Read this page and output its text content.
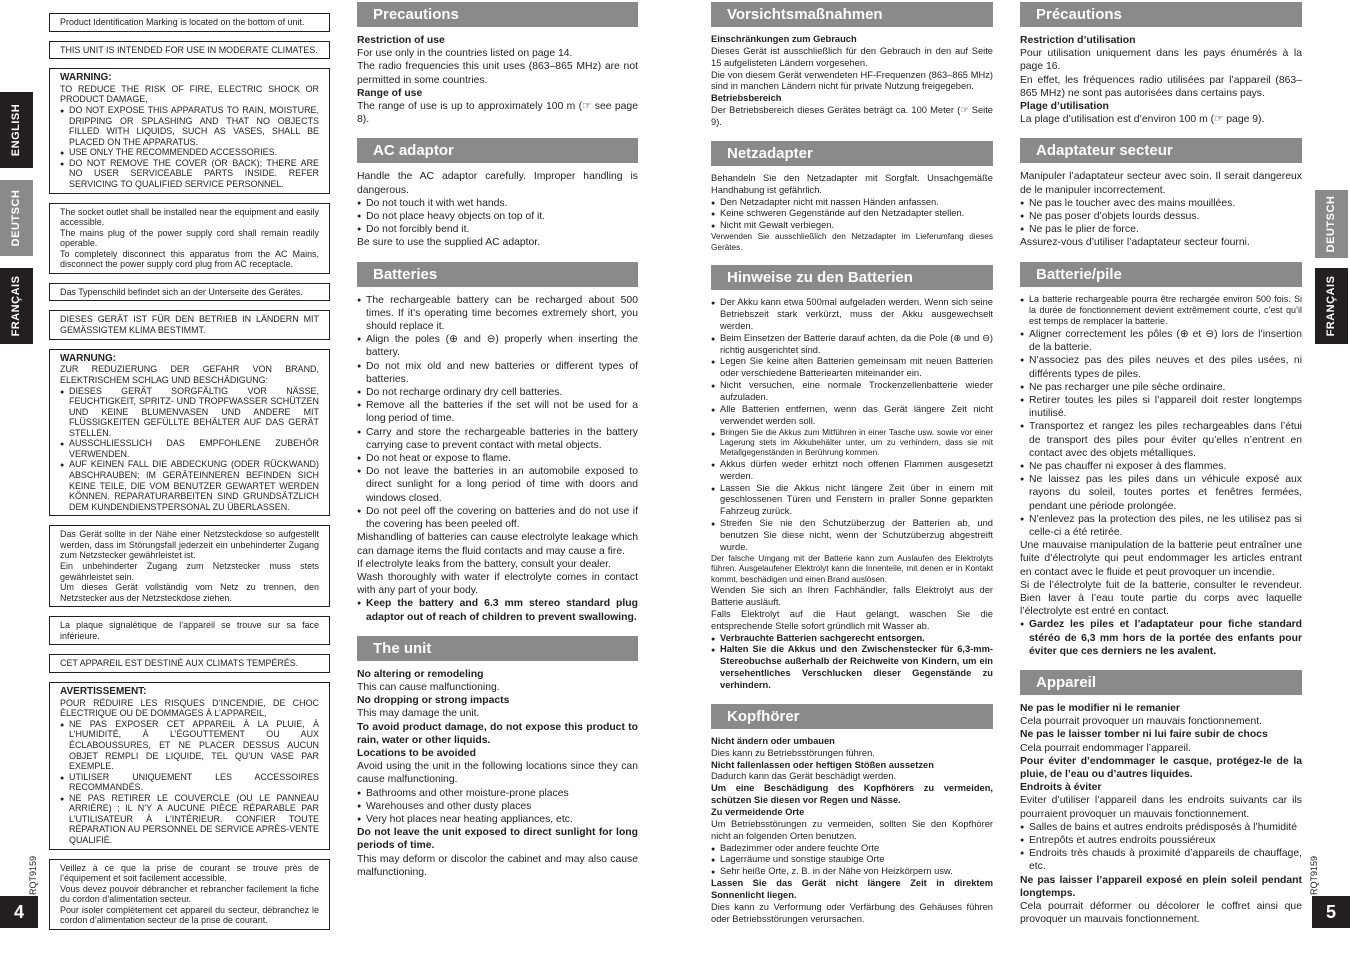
ENGLISH
DEUTSCH
FRANÇAIS
RQT9159
4
DEUTSCH
FRANÇAIS
RQT9159
5
Product Identification Marking is located on the bottom of unit.
THIS UNIT IS INTENDED FOR USE IN MODERATE CLIMATES.
WARNING:
TO REDUCE THE RISK OF FIRE, ELECTRIC SHOCK OR PRODUCT DAMAGE,
● DO NOT EXPOSE THIS APPARATUS TO RAIN, MOISTURE, DRIPPING OR SPLASHING AND THAT NO OBJECTS FILLED WITH LIQUIDS, SUCH AS VASES, SHALL BE PLACED ON THE APPARATUS.
● USE ONLY THE RECOMMENDED ACCESSORIES.
● DO NOT REMOVE THE COVER (OR BACK); THERE ARE NO USER SERVICEABLE PARTS INSIDE. REFER SERVICING TO QUALIFIED SERVICE PERSONNEL.
The socket outlet shall be installed near the equipment and easily accessible.
The mains plug of the power supply cord shall remain readily operable.
To completely disconnect this apparatus from the AC Mains, disconnect the power supply cord plug from AC receptacle.
Das Typenschild befindet sich an der Unterseite des Gerätes.
DIESES GERÄT IST FÜR DEN BETRIEB IN LÄNDERN MIT GEMÄSSIGTEM KLIMA BESTIMMT.
WARNUNG:
ZUR REDUZIERUNG DER GEFAHR VON BRAND, ELEKTRISCHEM SCHLAG UND BESCHÄDIGUNG:
● DIESES GERÄT SORGFÄLTIG VOR NÄSSE, FEUCHTIGKEIT, SPRITZ- UND TROPFWASSER SCHÜTZEN UND KEINE BLUMENVASEN UND ANDERE MIT FLÜSSIGKEITEN GEFÜLLTE BEHÄLTER AUF DAS GERÄT STELLEN.
● AUSSCHLIESSLICH DAS EMPFOHLENE ZUBEHÖR VERWENDEN.
● AUF KEINEN FALL DIE ABDECKUNG (ODER RÜCKWAND) ABSCHRAUBEN; IM GERÄTEINNEREN BEFINDEN SICH KEINE TEILE, DIE VOM BENUTZER GEWARTET WERDEN KÖNNEN. REPARATURARBEITEN SIND GRUNDSÄTZLICH DEM KUNDENDIENSTPERSONAL ZU ÜBERLASSEN.
Das Gerät sollte in der Nähe einer Netzsteckdose so aufgestellt werden, dass im Störungsfall jederzeit ein unbehinderter Zugang zum Netzstecker gewährleistet ist.
Ein unbehinderter Zugang zum Netzstecker muss stets gewährleistet sein.
Um dieses Gerät vollständig vom Netz zu trennen, den Netzstecker aus der Netzsteckdose ziehen.
La plaque signalétique de l’appareil se trouve sur sa face inférieure.
CET APPAREIL EST DESTINÉ AUX CLIMATS TEMPÉRÉS.
AVERTISSEMENT:
POUR RÉDUIRE LES RISQUES D’INCENDIE, DE CHOC ÉLECTRIQUE OU DE DOMMAGES À L’APPAREIL,
● NE PAS EXPOSER CET APPAREIL À LA PLUIE, À L’HUMIDITÉ, À L’ÉGOUTTEMENT OU AUX ÉCLABOUSSURES, ET NE PLACER DESSUS AUCUN OBJET REMPLI DE LIQUIDE, TEL QU’UN VASE PAR EXEMPLE.
● UTILISER UNIQUEMENT LES ACCESSOIRES RECOMMANDÉS.
● NE PAS RETIRER LE COUVERCLE (OU LE PANNEAU ARRIÈRE) ; IL N’Y A AUCUNE PIÈCE RÉPARABLE PAR L’UTILISATEUR À L’INTÉRIEUR. CONFIER TOUTE RÉPARATION AU PERSONNEL DE SERVICE APRÈS-VENTE QUALIFIÉ.
Veillez à ce que la prise de courant se trouve près de l’équipement et soit facilement accessible.
Vous devez pouvoir débrancher et rebrancher facilement la fiche du cordon d’alimentation secteur.
Pour isoler complètement cet appareil du secteur, débranchez le cordon d’alimentation secteur de la prise de courant.
Precautions

Restriction of use

For use only in the countries listed on page 14.

The radio frequencies this unit uses (863–865 MHz) are not permitted in some countries.

Range of use

The range of use is up to approximately 100 m (☞ see page 8).

AC adaptor

Handle the AC adaptor carefully. Improper handling is dangerous.

● Do not touch it with wet hands.
● Do not place heavy objects on top of it.
● Do not forcibly bend it.

Be sure to use the supplied AC adaptor.

Batteries
● The rechargeable battery can be recharged about 500 times. If it’s operating time becomes extremely short, you should replace it.
● Align the poles (⊕ and ⊖) properly when inserting the battery.
● Do not mix old and new batteries or different types of batteries.
● Do not recharge ordinary dry cell batteries.
● Remove all the batteries if the set will not be used for a long period of time.
● Carry and store the rechargeable batteries in the battery carrying case to prevent contact with metal objects.
● Do not heat or expose to flame.
● Do not leave the batteries in an automobile exposed to direct sunlight for a long period of time with doors and windows closed.
● Do not peel off the covering on batteries and do not use if the covering has been peeled off.

Mishandling of batteries can cause electrolyte leakage which can damage items the fluid contacts and may cause a fire.

If electrolyte leaks from the battery, consult your dealer.

Wash thoroughly with water if electrolyte comes in contact with any part of your body.

● Keep the battery and 6.3 mm stereo standard plug adaptor out of reach of children to prevent swallowing.
The unit

No altering or remodeling

This can cause malfunctioning.

No dropping or strong impacts

This may damage the unit.

To avoid product damage, do not expose this product to rain, water or other liquids.

Locations to be avoided

Avoid using the unit in the following locations since they can cause malfunctioning.

● Bathrooms and other moisture-prone places
● Warehouses and other dusty places
● Very hot places near heating appliances, etc.

Do not leave the unit exposed to direct sunlight for long periods of time.

This may deform or discolor the cabinet and may also cause malfunctioning.

Vorsichtsmaßnahmen

Einschränkungen zum Gebrauch

Dieses Gerät ist ausschließlich für den Gebrauch in den auf Seite 15 aufgelisteten Ländern vorgesehen.

Die von diesem Gerät verwendeten HF-Frequenzen (863–865 MHz) sind in manchen Ländern nicht für private Nutzung freigegeben.

Betriebsbereich

Der Betriebsbereich dieses Gerätes beträgt ca. 100 Meter (☞ Seite 9).

Netzadapter

Behandeln Sie den Netzadapter mit Sorgfalt. Unsachgemäße Handhabung ist gefährlich.

● Den Netzadapter nicht mit nassen Händen anfassen.
● Keine schweren Gegenstände auf den Netzadapter stellen.
● Nicht mit Gewalt verbiegen.

Verwenden Sie ausschließlich den Netzadapter im Lieferumfang dieses Gerätes.

Hinweise zu den Batterien
● Der Akku kann etwa 500mal aufgeladen werden. Wenn sich seine Betriebszeit stark verkürzt, muss der Akku ausgewechselt werden.
● Beim Einsetzen der Batterie darauf achten, da die Pole (⊕ und ⊖) richtig ausgerichtet sind.
● Legen Sie keine alten Batterien gemeinsam mit neuen Batterien oder verschiedene Batteriearten miteinander ein.
● Nicht versuchen, eine normale Trockenzellenbatterie wieder aufzuladen.
● Alle Batterien entfernen, wenn das Gerät längere Zeit nicht verwendet werden soll.
● Bringen Sie die Akkus zum Mitführen in einer Tasche usw. sowie vor einer Lagerung stets im Akkubehälter unter, um zu verhindern, dass sie mit Metallgegenständen in Berührung kommen.
● Akkus dürfen weder erhitzt noch offenen Flammen ausgesetzt werden.
● Lassen Sie die Akkus nicht längere Zeit über in einem mit geschlossenen Türen und Fenstern in praller Sonne geparkten Fahrzeug zurück.
● Streifen Sie nie den Schutzüberzug der Batterien ab, und benutzen Sie diese nicht, wenn der Schutzüberzug abgestreift wurde.

Der falsche Umgang mit der Batterie kann zum Auslaufen des Elektrolyts führen. Ausgelaufener Elektrolyt kann die Innenteile, mit denen er in Kontakt kommt, beschädigen und einen Brand auslösen.

Wenden Sie sich an Ihren Fachhändler, falls Elektrolyt aus der Batterie ausläuft.

Falls Elektrolyt auf die Haut gelangt, waschen Sie die entsprechende Stelle sofort gründlich mit Wasser ab.

● Verbrauchte Batterien sachgerecht entsorgen.
● Halten Sie die Akkus und den Zwischenstecker für 6,3-mm-Stereobuchse außerhalb der Reichweite von Kindern, um ein versehentliches Verschlucken dieser Gegenstände zu verhindern.
Kopfhörer

Nicht ändern oder umbauen

Dies kann zu Betriebsstörungen führen.

Nicht fallenlassen oder heftigen Stößen aussetzen

Dadurch kann das Gerät beschädigt werden.

Um eine Beschädigung des Kopfhörers zu vermeiden, schützen Sie diesen vor Regen und Nässe.

Zu vermeidende Orte

Um Betriebsstörungen zu vermeiden, sollten Sie den Kopfhörer nicht an folgenden Orten benutzen.

● Badezimmer oder andere feuchte Orte
● Lagerräume und sonstige staubige Orte
● Sehr heiße Orte, z. B. in der Nähe von Heizkörpern usw.

Lassen Sie das Gerät nicht längere Zeit in direktem Sonnenlicht liegen.

Dies kann zu Verformung oder Verfärbung des Gehäuses führen oder Betriebsstörungen verursachen.

Précautions

Restriction d’utilisation

Pour utilisation uniquement dans les pays énumérés à la page 16.

En effet, les fréquences radio utilisées par l’appareil (863–865 MHz) ne sont pas autorisées dans certains pays.

Plage d’utilisation

La plage d’utilisation est d’environ 100 m (☞ page 9).

Adaptateur secteur

Manipuler l’adaptateur secteur avec soin. Il serait dangereux de le manipuler incorrectement.

● Ne pas le toucher avec des mains mouillées.
● Ne pas poser d’objets lourds dessus.
● Ne pas le plier de force.

Assurez-vous d’utiliser l’adaptateur secteur fourni.

Batterie/pile
● La batterie rechargeable pourra être rechargée environ 500 fois. Si la durée de fonctionnement devient extrêmement courte, c’est qu’il est temps de remplacer la batterie.
● Aligner correctement les pôles (⊕ et ⊖) lors de l’insertion de la batterie.
● N’associez pas des piles neuves et des piles usées, ni différents types de piles.
● Ne pas recharger une pile sèche ordinaire.
● Retirer toutes les piles si l’appareil doit rester longtemps inutilisé.
● Transportez et rangez les piles rechargeables dans l’étui de transport des piles pour éviter qu’elles n’entrent en contact avec des objets métalliques.
● Ne pas chauffer ni exposer à des flammes.
● Ne laissez pas les piles dans un véhicule exposé aux rayons du soleil, toutes portes et fenêtres fermées, pendant une période prolongée.
● N’enlevez pas la protection des piles, ne les utilisez pas si celle-ci a été retirée.

Une mauvaise manipulation de la batterie peut entraîner une fuite d’électrolyte qui peut endommager les articles entrant en contact avec le fluide et peut provoquer un incendie.

Si de l’électrolyte fuit de la batterie, consulter le revendeur. Bien laver à l’eau toute partie du corps avec laquelle l’électrolyte est entré en contact.

● Gardez les piles et l’adaptateur pour fiche standard stéréo de 6,3 mm hors de la portée des enfants pour éviter que ces derniers ne les avalent.
Appareil

Ne pas le modifier ni le remanier

Cela pourrait provoquer un mauvais fonctionnement.

Ne pas le laisser tomber ni lui faire subir de chocs

Cela pourrait endommager l’appareil.

Pour éviter d’endommager le casque, protégez-le de la pluie, de l’eau ou d’autres liquides.

Endroits à éviter

Eviter d’utiliser l’appareil dans les endroits suivants car ils pourraient provoquer un mauvais fonctionnement.

● Salles de bains et autres endroits prédisposés à l’humidité
● Entrepôts et autres endroits poussiéreux
● Endroits très chauds à proximité d’appareils de chauffage, etc.

Ne pas laisser l’appareil exposé en plein soleil pendant longtemps.

Cela pourrait déformer ou décolorer le coffret ainsi que provoquer un mauvais fonctionnement.
